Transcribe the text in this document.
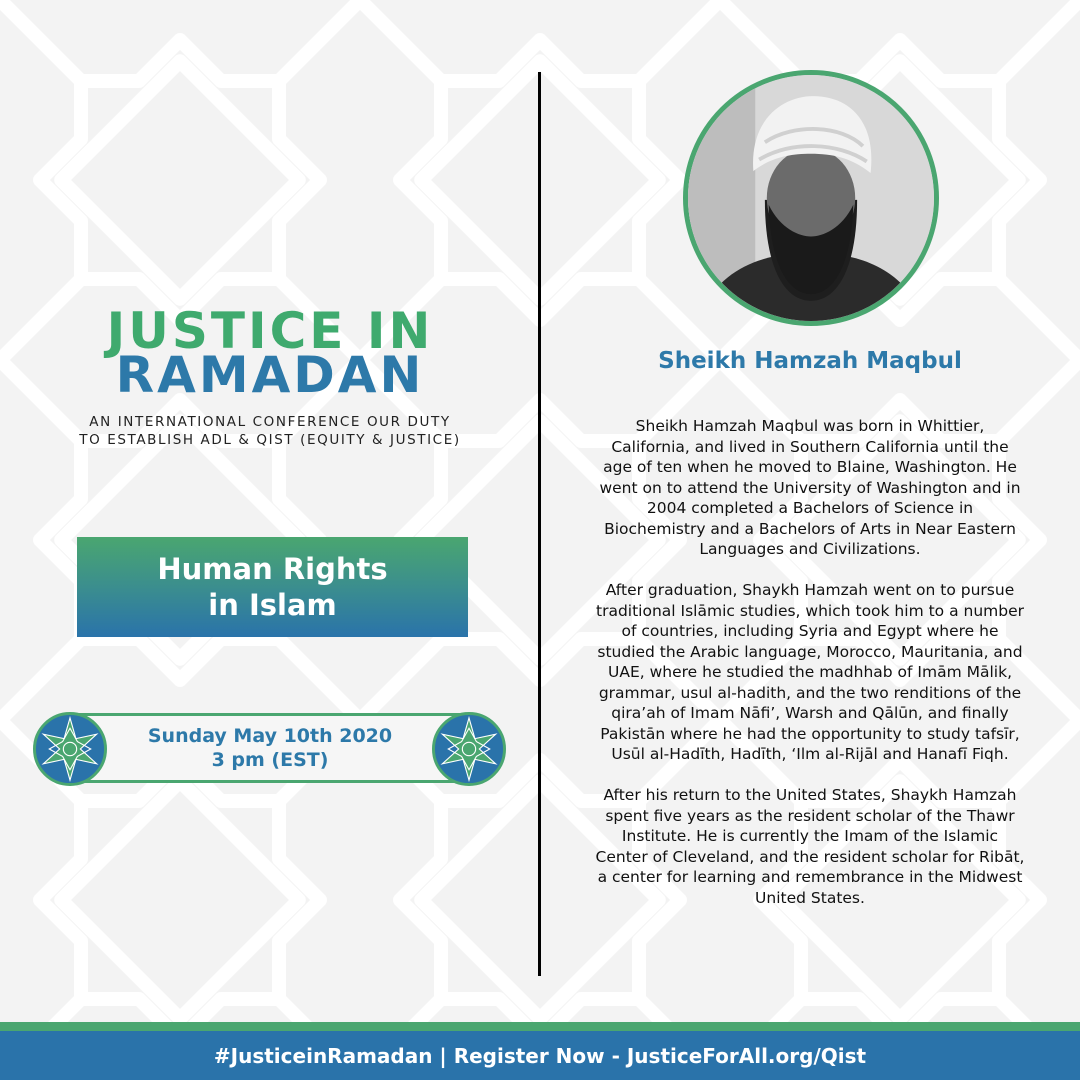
JUSTICE IN
RAMADAN
AN INTERNATIONAL CONFERENCE OUR DUTY
TO ESTABLISH ADL & QIST (EQUITY & JUSTICE)
Human Rights
in Islam
Sunday May 10th 2020
3 pm (EST)
Sheikh Hamzah Maqbul

Sheikh Hamzah Maqbul was born in Whittier, California, and lived in Southern California until the age of ten when he moved to Blaine, Washington. He went on to attend the University of Washington and in 2004 completed a Bachelors of Science in Biochemistry and a Bachelors of Arts in Near Eastern Languages and Civilizations.

After graduation, Shaykh Hamzah went on to pursue traditional Islāmic studies, which took him to a number of countries, including Syria and Egypt where he studied the Arabic language, Morocco, Mauritania, and UAE, where he studied the madhhab of Imām Mālik, grammar, usul al-hadith, and the two renditions of the qira’ah of Imam Nāfi’, Warsh and Qālūn, and finally Pakistān where he had the opportunity to study tafsīr, Usūl al-Hadīth, Hadīth, ‘Ilm al-Rijāl and Hanafī Fiqh.

After his return to the United States, Shaykh Hamzah spent five years as the resident scholar of the Thawr Institute. He is currently the Imam of the Islamic Center of Cleveland, and the resident scholar for Ribāt, a center for learning and remembrance in the Midwest United States.

#JusticeinRamadan | Register Now - JusticeForAll.org/Qist
